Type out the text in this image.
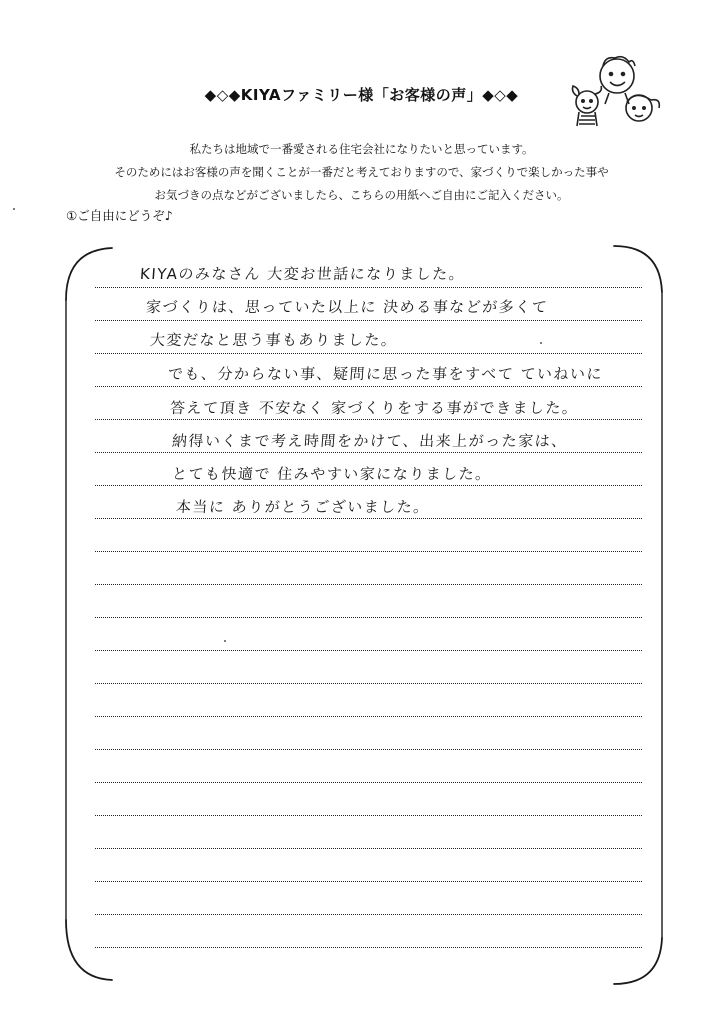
◆◇◆KIYAファミリー様「お客様の声」◆◇◆
私たちは地域で一番愛される住宅会社になりたいと思っています。
そのためにはお客様の声を聞くことが一番だと考えておりますので、家づくりで楽しかった事や
お気づきの点などがございましたら、こちらの用紙へご自由にご記入ください。
①ご自由にどうぞ♪
KIYAのみなさん 大変お世話になりました。
家づくりは、思っていた以上に 決める事などが多くて
大変だなと思う事もありました。
でも、分からない事、疑問に思った事をすべて ていねいに
答えて頂き 不安なく 家づくりをする事ができました。
納得いくまで考え時間をかけて、出来上がった家は、
とても快適で 住みやすい家になりました。
本当に ありがとうございました。
